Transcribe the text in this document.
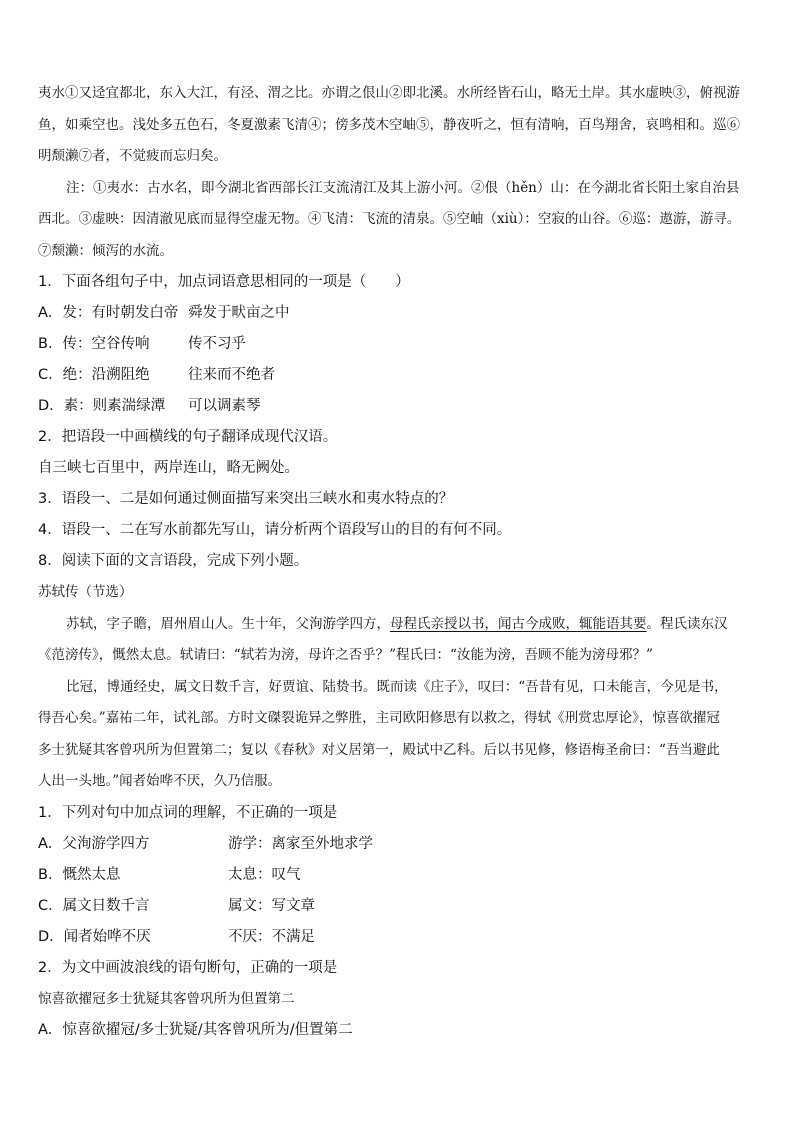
夷水①又迳宜都北，东入大江，有泾、渭之比。亦谓之佷山②即北溪。水所经皆石山，略无土岸。其水虚映③，俯视游

鱼，如乘空也。浅处多五色石，冬夏激素飞清④；傍多茂木空岫⑤，静夜听之，恒有清响，百鸟翔舍，哀鸣相和。巡⑥

明颓濑⑦者，不觉疲而忘归矣。

注：①夷水：古水名，即今湖北省西部长江支流清江及其上游小河。②佷（hěn）山：在今湖北省长阳土家自治县

西北。③虚映：因清澈见底而显得空虚无物。④飞清：飞流的清泉。⑤空岫（xiù）：空寂的山谷。⑥巡：遨游，游寻。

⑦颓濑：倾泻的水流。

1．下面各组句子中，加点词语意思相同的一项是（　　）

A．发：有时朝发白帝 舜发于畎亩之中
B．传：空谷传响	传不习乎
C．绝：沿溯阻绝	往来而不绝者
D．素：则素湍绿潭	可以调素琴

2．把语段一中画横线的句子翻译成现代汉语。

自三峡七百里中，两岸连山，略无阙处。

3．语段一、二是如何通过侧面描写来突出三峡水和夷水特点的？

4．语段一、二在写水前都先写山，请分析两个语段写山的目的有何不同。

8．阅读下面的文言语段，完成下列小题。

苏轼传（节选）

苏轼，字子瞻，眉州眉山人。生十年，父洵游学四方，母程氏亲授以书，闻古今成败，辄能语其要。程氏读东汉

《范滂传》，慨然太息。轼请曰：“轼若为滂，母许之否乎？”程氏曰：“汝能为滂，吾顾不能为滂母邪？”

比冠，博通经史，属文日数千言，好贾谊、陆贽书。既而读《庄子》，叹曰：“吾昔有见，口未能言，今见是书，

得吾心矣。”嘉祐二年，试礼部。方时文磔裂诡异之弊胜，主司欧阳修思有以救之，得轼《刑赏忠厚论》，惊喜欲擢冠

多士犹疑其客曾巩所为但置第二；复以《春秋》对义居第一，殿试中乙科。后以书见修，修语梅圣俞曰：“吾当避此

人出一头地。”闻者始哗不厌，久乃信服。

1．下列对句中加点词的理解，不正确的一项是

A．父洵游学四方	游学：离家至外地求学
B．慨然太息	太息：叹气
C．属文日数千言	属文：写文章
D．闻者始哗不厌	不厌：不满足

2．为文中画波浪线的语句断句，正确的一项是

惊喜欲擢冠多士犹疑其客曾巩所为但置第二

A．惊喜欲擢冠/多士犹疑/其客曾巩所为/但置第二
